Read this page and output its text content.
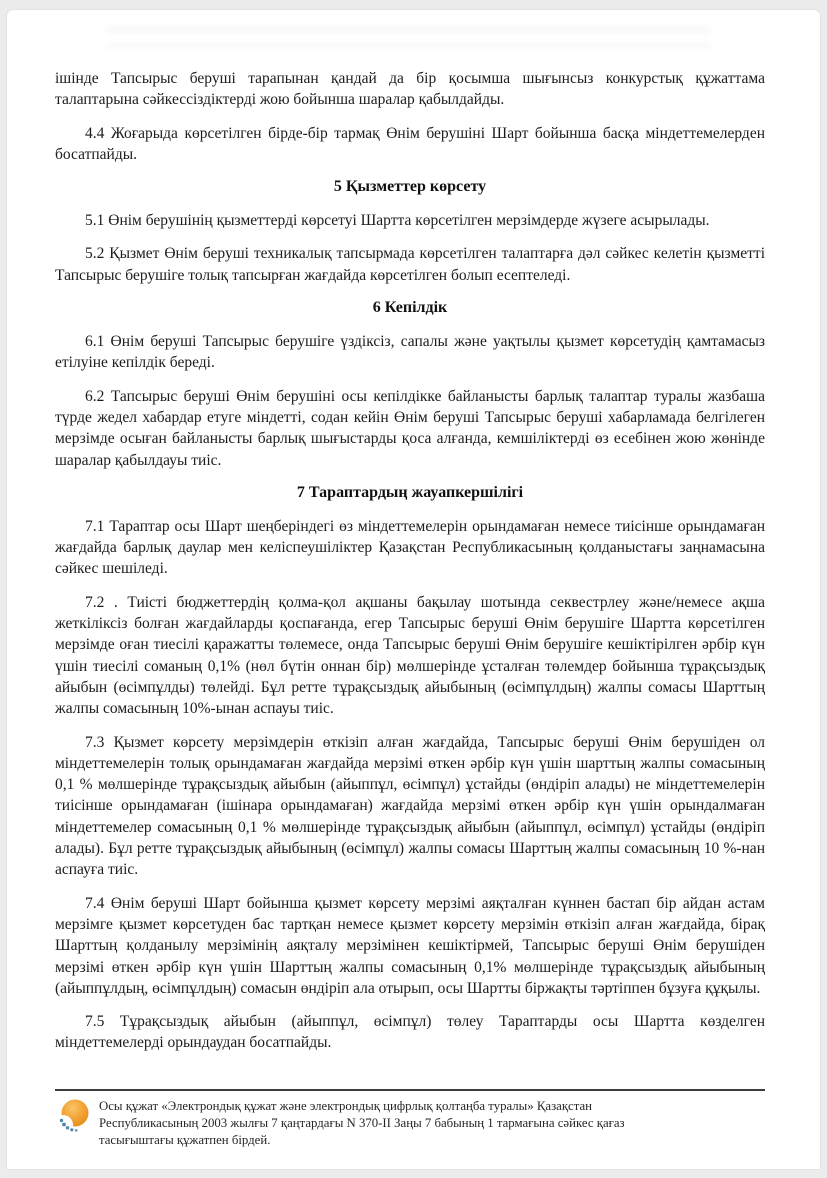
ішінде Тапсырыс беруші тарапынан қандай да бір қосымша шығынсыз конкурстық құжаттама талаптарына сәйкессіздіктерді жою бойынша шаралар қабылдайды.

4.4 Жоғарыда көрсетілген бірде-бір тармақ Өнім берушіні Шарт бойынша басқа міндеттемелерден босатпайды.

5 Қызметтер көрсету

5.1 Өнім берушінің қызметтерді көрсетуі Шартта көрсетілген мерзімдерде жүзеге асырылады.

5.2 Қызмет Өнім беруші техникалық тапсырмада көрсетілген талаптарға дәл сәйкес келетін қызметті Тапсырыс берушіге толық тапсырған жағдайда көрсетілген болып есептеледі.

6 Кепілдік

6.1 Өнім беруші Тапсырыс берушіге үздіксіз, сапалы және уақтылы қызмет көрсетудің қамтамасыз етілуіне кепілдік береді.

6.2 Тапсырыс беруші Өнім берушіні осы кепілдікке байланысты барлық талаптар туралы жазбаша түрде жедел хабардар етуге міндетті, содан кейін Өнім беруші Тапсырыс беруші хабарламада белгілеген мерзімде осыған байланысты барлық шығыстарды қоса алғанда, кемшіліктерді өз есебінен жою жөнінде шаралар қабылдауы тиіс.

7 Тараптардың жауапкершілігі

7.1 Тараптар осы Шарт шеңберіндегі өз міндеттемелерін орындамаған немесе тиісінше орындамаған жағдайда барлық даулар мен келіспеушіліктер Қазақстан Республикасының қолданыстағы заңнамасына сәйкес шешіледі.

7.2 . Тиісті бюджеттердің қолма-қол ақшаны бақылау шотында секвестрлеу және/немесе ақша жеткіліксіз болған жағдайларды қоспағанда, егер Тапсырыс беруші Өнім берушіге Шартта көрсетілген мерзімде оған тиесілі қаражатты төлемесе, онда Тапсырыс беруші Өнім берушіге кешіктірілген әрбір күн үшін тиесілі соманың 0,1% (нөл бүтін оннан бір) мөлшерінде ұсталған төлемдер бойынша тұрақсыздық айыбын (өсімпұлды) төлейді. Бұл ретте тұрақсыздық айыбының (өсімпұлдың) жалпы сомасы Шарттың жалпы сомасының 10%-ынан аспауы тиіс.

7.3 Қызмет көрсету мерзімдерін өткізіп алған жағдайда, Тапсырыс беруші Өнім берушіден ол міндеттемелерін толық орындамаған жағдайда мерзімі өткен әрбір күн үшін шарттың жалпы сомасының 0,1 % мөлшерінде тұрақсыздық айыбын (айыппұл, өсімпұл) ұстайды (өндіріп алады) не міндеттемелерін тиісінше орындамаған (ішінара орындамаған) жағдайда мерзімі өткен әрбір күн үшін орындалмаған міндеттемелер сомасының 0,1 % мөлшерінде тұрақсыздық айыбын (айыппұл, өсімпұл) ұстайды (өндіріп алады). Бұл ретте тұрақсыздық айыбының (өсімпұл) жалпы сомасы Шарттың жалпы сомасының 10 %-нан аспауға тиіс.

7.4 Өнім беруші Шарт бойынша қызмет көрсету мерзімі аяқталған күннен бастап бір айдан астам мерзімге қызмет көрсетуден бас тартқан немесе қызмет көрсету мерзімін өткізіп алған жағдайда, бірақ Шарттың қолданылу мерзімінің аяқталу мерзімінен кешіктірмей, Тапсырыс беруші Өнім берушіден мерзімі өткен әрбір күн үшін Шарттың жалпы сомасының 0,1% мөлшерінде тұрақсыздық айыбының (айыппұлдың, өсімпұлдың) сомасын өндіріп ала отырып, осы Шартты біржақты тәртіппен бұзуға құқылы.

7.5 Тұрақсыздық айыбын (айыппұл, өсімпұл) төлеу Тараптарды осы Шартта көзделген міндеттемелерді орындаудан босатпайды.

Осы құжат «Электрондық құжат және электрондық цифрлық қолтаңба туралы» Қазақстан Республикасының 2003 жылғы 7 қаңтардағы N 370-II Заңы 7 бабының 1 тармағына сәйкес қағаз тасығыштағы құжатпен бірдей.
